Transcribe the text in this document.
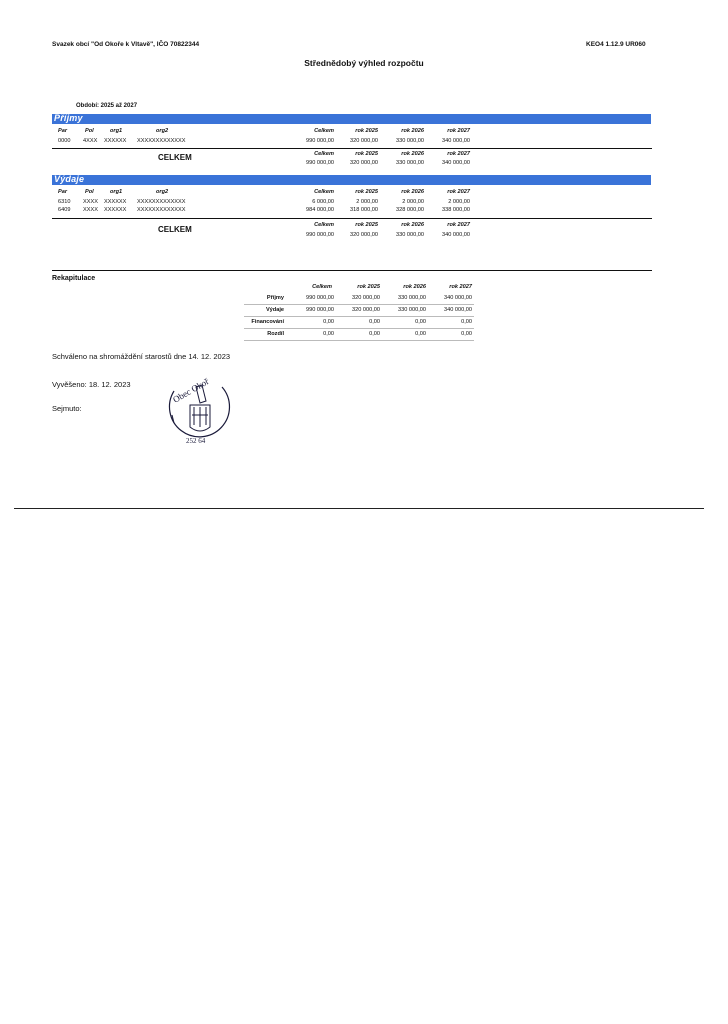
Svazek obcí "Od Okoře k Vltavě", IČO 70822344	KEO4 1.12.9 UR060
Střednědobý výhled rozpočtu
Období: 2025 až 2027
Příjmy
Par	Pol	org1	org2	Celkem	rok 2025	rok 2026	rok 2027
0000 4XXX XXXXXX XXXXXXXXXXXXX	990 000,00	320 000,00	330 000,00	340 000,00
CELKEM	Celkem	rok 2025	rok 2026	rok 2027
990 000,00	320 000,00	330 000,00	340 000,00
Výdaje
Par	Pol	org1	org2	Celkem	rok 2025	rok 2026	rok 2027
6310 XXXX XXXXXX XXXXXXXXXXXXX	6 000,00	2 000,00	2 000,00	2 000,00
6409 XXXX XXXXXX XXXXXXXXXXXXX	984 000,00	318 000,00	328 000,00	338 000,00
CELKEM	Celkem	rok 2025	rok 2026	rok 2027
990 000,00	320 000,00	330 000,00	340 000,00
Rekapitulace
Celkem	rok 2025	rok 2026	rok 2027
Příjmy	990 000,00	320 000,00	330 000,00	340 000,00
Výdaje	990 000,00	320 000,00	330 000,00	340 000,00
Financování	0,00	0,00	0,00	0,00
Rozdíl	0,00	0,00	0,00	0,00
Schváleno na shromáždění starostů dne 14. 12. 2023
Vyvěšeno: 18. 12. 2023
Sejmuto:
Obec Okoř
252 64
